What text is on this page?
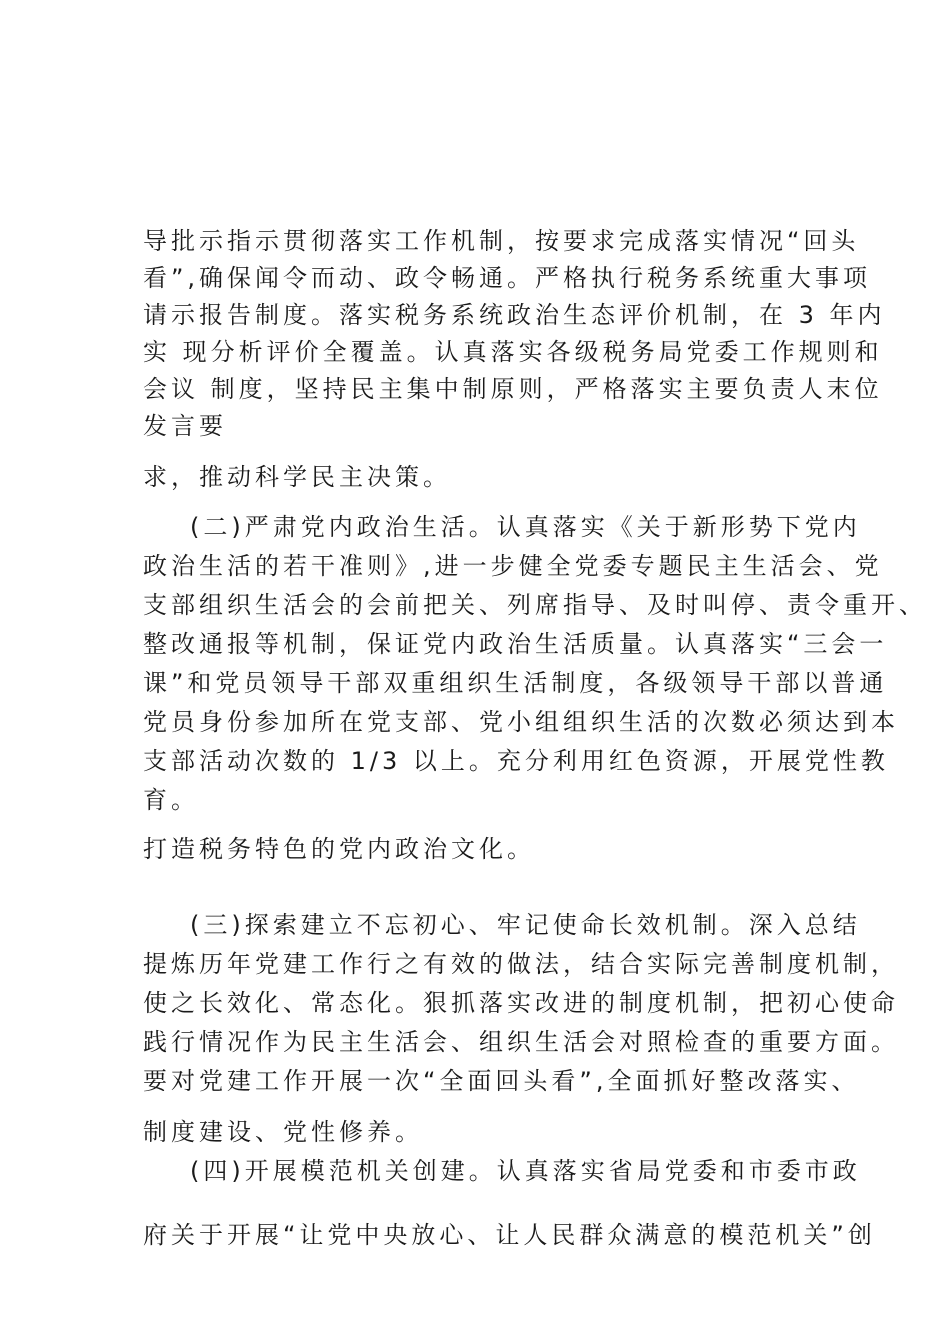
导批示指示贯彻落实工作机制，按要求完成落实情况“回头
看”,确保闻令而动、政令畅通。严格执行税务系统重大事项
请示报告制度。落实税务系统政治生态评价机制，在 3 年内
实 现分析评价全覆盖。认真落实各级税务局党委工作规则和
会议 制度，坚持民主集中制原则，严格落实主要负责人末位
发言要
求，推动科学民主决策。
(二)严肃党内政治生活。认真落实《关于新形势下党内
政治生活的若干准则》,进一步健全党委专题民主生活会、党
支部组织生活会的会前把关、列席指导、及时叫停、责令重开、
整改通报等机制，保证党内政治生活质量。认真落实“三会一
课”和党员领导干部双重组织生活制度，各级领导干部以普通
党员身份参加所在党支部、党小组组织生活的次数必须达到本
支部活动次数的 1/3 以上。充分利用红色资源，开展党性教
育。
打造税务特色的党内政治文化。
(三)探索建立不忘初心、牢记使命长效机制。深入总结
提炼历年党建工作行之有效的做法，结合实际完善制度机制，
使之长效化、常态化。狠抓落实改进的制度机制，把初心使命
践行情况作为民主生活会、组织生活会对照检查的重要方面。
要对党建工作开展一次“全面回头看”,全面抓好整改落实、
制度建设、党性修养。
(四)开展模范机关创建。认真落实省局党委和市委市政
府关于开展“让党中央放心、让人民群众满意的模范机关”创
